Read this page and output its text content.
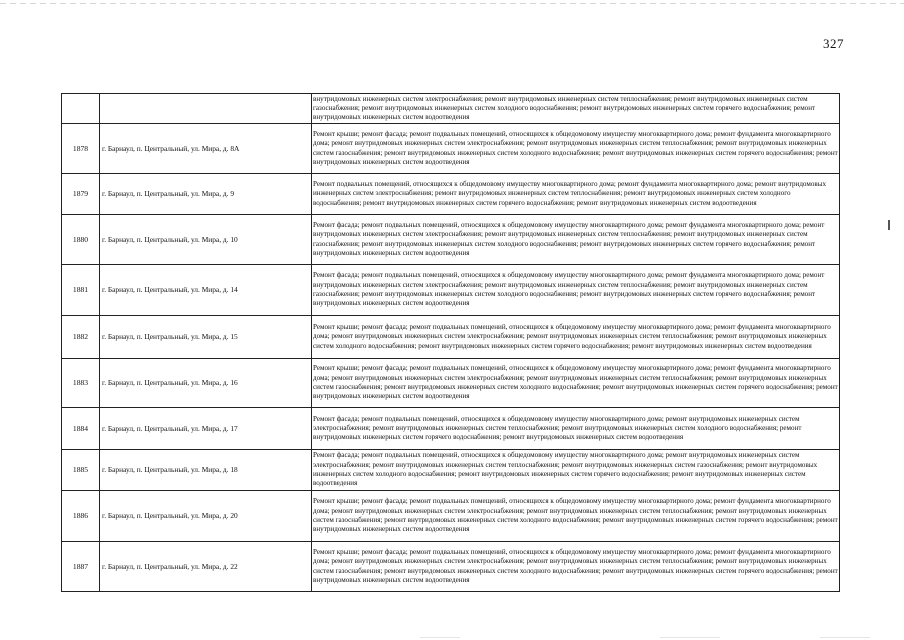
327
		внутридомовых инженерных систем электроснабжения; ремонт внутридомовых инженерных систем теплоснабжения; ремонт внутридомовых инженерных систем газоснабжения; ремонт внутридомовых инженерных систем холодного водоснабжения; ремонт внутридомовых инженерных систем горячего водоснабжения; ремонт внутридомовых инженерных систем водоотведения
1878	г. Барнаул, п. Центральный, ул. Мира, д. 8А	Ремонт крыши; ремонт фасада; ремонт подвальных помещений, относящихся к общедомовому имуществу многоквартирного дома; ремонт фундамента многоквартирного дома; ремонт внутридомовых инженерных систем электроснабжения; ремонт внутридомовых инженерных систем теплоснабжения; ремонт внутридомовых инженерных систем газоснабжения; ремонт внутридомовых инженерных систем холодного водоснабжения; ремонт внутридомовых инженерных систем горячего водоснабжения; ремонт внутридомовых инженерных систем водоотведения
1879	г. Барнаул, п. Центральный, ул. Мира, д. 9	Ремонт подвальных помещений, относящихся к общедомовому имуществу многоквартирного дома; ремонт фундамента многоквартирного дома; ремонт внутридомовых инженерных систем электроснабжения; ремонт внутридомовых инженерных систем теплоснабжения; ремонт внутридомовых инженерных систем холодного водоснабжения; ремонт внутридомовых инженерных систем горячего водоснабжения; ремонт внутридомовых инженерных систем водоотведения
1880	г. Барнаул, п. Центральный, ул. Мира, д. 10	Ремонт фасада; ремонт подвальных помещений, относящихся к общедомовому имуществу многоквартирного дома; ремонт фундамента многоквартирного дома; ремонт внутридомовых инженерных систем электроснабжения; ремонт внутридомовых инженерных систем теплоснабжения; ремонт внутридомовых инженерных систем газоснабжения; ремонт внутридомовых инженерных систем холодного водоснабжения; ремонт внутридомовых инженерных систем горячего водоснабжения; ремонт внутридомовых инженерных систем водоотведения
1881	г. Барнаул, п. Центральный, ул. Мира, д. 14	Ремонт фасада; ремонт подвальных помещений, относящихся к общедомовому имуществу многоквартирного дома; ремонт фундамента многоквартирного дома; ремонт внутридомовых инженерных систем электроснабжения; ремонт внутридомовых инженерных систем теплоснабжения; ремонт внутридомовых инженерных систем газоснабжения; ремонт внутридомовых инженерных систем холодного водоснабжения; ремонт внутридомовых инженерных систем горячего водоснабжения; ремонт внутридомовых инженерных систем водоотведения
1882	г. Барнаул, п. Центральный, ул. Мира, д. 15	Ремонт крыши; ремонт фасада; ремонт подвальных помещений, относящихся к общедомовому имуществу многоквартирного дома; ремонт фундамента многоквартирного дома; ремонт внутридомовых инженерных систем электроснабжения; ремонт внутридомовых инженерных систем теплоснабжения; ремонт внутридомовых инженерных систем холодного водоснабжения; ремонт внутридомовых инженерных систем горячего водоснабжения; ремонт внутридомовых инженерных систем водоотведения
1883	г. Барнаул, п. Центральный, ул. Мира, д. 16	Ремонт крыши; ремонт фасада; ремонт подвальных помещений, относящихся к общедомовому имуществу многоквартирного дома; ремонт фундамента многоквартирного дома; ремонт внутридомовых инженерных систем электроснабжения; ремонт внутридомовых инженерных систем теплоснабжения; ремонт внутридомовых инженерных систем газоснабжения; ремонт внутридомовых инженерных систем холодного водоснабжения; ремонт внутридомовых инженерных систем горячего водоснабжения; ремонт внутридомовых инженерных систем водоотведения
1884	г. Барнаул, п. Центральный, ул. Мира, д. 17	Ремонт фасада; ремонт подвальных помещений, относящихся к общедомовому имуществу многоквартирного дома; ремонт внутридомовых инженерных систем электроснабжения; ремонт внутридомовых инженерных систем теплоснабжения; ремонт внутридомовых инженерных систем холодного водоснабжения; ремонт внутридомовых инженерных систем горячего водоснабжения; ремонт внутридомовых инженерных систем водоотведения
1885	г. Барнаул, п. Центральный, ул. Мира, д. 18	Ремонт фасада; ремонт подвальных помещений, относящихся к общедомовому имуществу многоквартирного дома; ремонт внутридомовых инженерных систем электроснабжения; ремонт внутридомовых инженерных систем теплоснабжения; ремонт внутридомовых инженерных систем газоснабжения; ремонт внутридомовых инженерных систем холодного водоснабжения; ремонт внутридомовых инженерных систем горячего водоснабжения; ремонт внутридомовых инженерных систем водоотведения
1886	г. Барнаул, п. Центральный, ул. Мира, д. 20	Ремонт крыши; ремонт фасада; ремонт подвальных помещений, относящихся к общедомовому имуществу многоквартирного дома; ремонт фундамента многоквартирного дома; ремонт внутридомовых инженерных систем электроснабжения; ремонт внутридомовых инженерных систем теплоснабжения; ремонт внутридомовых инженерных систем газоснабжения; ремонт внутридомовых инженерных систем холодного водоснабжения; ремонт внутридомовых инженерных систем горячего водоснабжения; ремонт внутридомовых инженерных систем водоотведения
1887	г. Барнаул, п. Центральный, ул. Мира, д. 22	Ремонт крыши; ремонт фасада; ремонт подвальных помещений, относящихся к общедомовому имуществу многоквартирного дома; ремонт фундамента многоквартирного дома; ремонт внутридомовых инженерных систем электроснабжения; ремонт внутридомовых инженерных систем теплоснабжения; ремонт внутридомовых инженерных систем газоснабжения; ремонт внутридомовых инженерных систем холодного водоснабжения; ремонт внутридомовых инженерных систем горячего водоснабжения; ремонт внутридомовых инженерных систем водоотведения
